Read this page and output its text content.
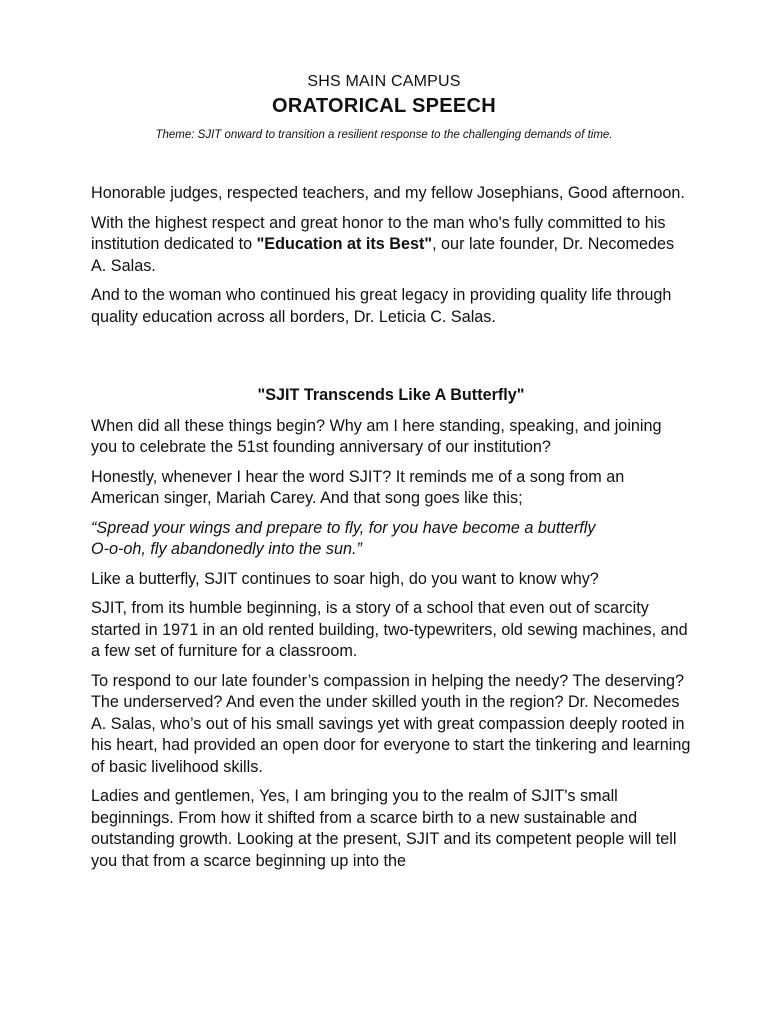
SHS MAIN CAMPUS
ORATORICAL SPEECH
Theme: SJIT onward to transition a resilient response to the challenging demands of time.

Honorable judges, respected teachers, and my fellow Josephians, Good afternoon.

With the highest respect and great honor to the man who's fully committed to his institution dedicated to "Education at its Best", our late founder, Dr. Necomedes A. Salas.

And to the woman who continued his great legacy in providing quality life through quality education across all borders, Dr. Leticia C. Salas.

"SJIT Transcends Like A Butterfly"

When did all these things begin? Why am I here standing, speaking, and joining you to celebrate the 51st founding anniversary of our institution?

Honestly, whenever I hear the word SJIT? It reminds me of a song from an American singer, Mariah Carey. And that song goes like this;

“Spread your wings and prepare to fly, for you have become a butterfly
O-o-oh, fly abandonedly into the sun.”

Like a butterfly, SJIT continues to soar high, do you want to know why?

SJIT, from its humble beginning, is a story of a school that even out of scarcity started in 1971 in an old rented building, two-typewriters, old sewing machines, and a few set of furniture for a classroom.

To respond to our late founder’s compassion in helping the needy? The deserving? The underserved? And even the under skilled youth in the region? Dr. Necomedes A. Salas, who’s out of his small savings yet with great compassion deeply rooted in his heart, had provided an open door for everyone to start the tinkering and learning of basic livelihood skills.

Ladies and gentlemen, Yes, I am bringing you to the realm of SJIT's small beginnings. From how it shifted from a scarce birth to a new sustainable and outstanding growth. Looking at the present, SJIT and its competent people will tell you that from a scarce beginning up into the
